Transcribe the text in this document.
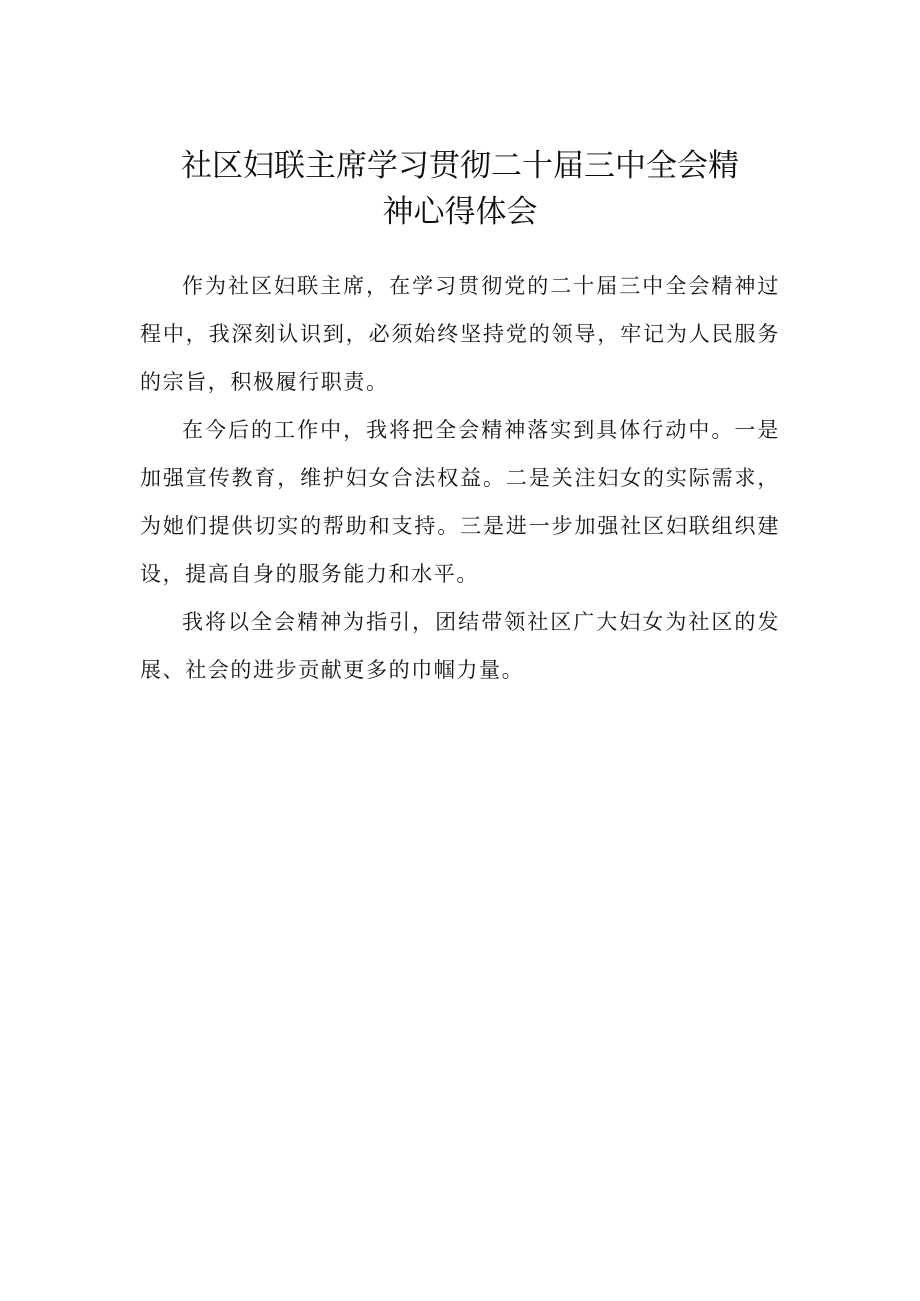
社区妇联主席学习贯彻二十届三中全会精
神心得体会

作为社区妇联主席，在学习贯彻党的二十届三中全会精神过程中，我深刻认识到，必须始终坚持党的领导，牢记为人民服务的宗旨，积极履行职责。

在今后的工作中，我将把全会精神落实到具体行动中。一是加强宣传教育，维护妇女合法权益。二是关注妇女的实际需求，为她们提供切实的帮助和支持。三是进一步加强社区妇联组织建设，提高自身的服务能力和水平。

我将以全会精神为指引，团结带领社区广大妇女为社区的发展、社会的进步贡献更多的巾帼力量。
